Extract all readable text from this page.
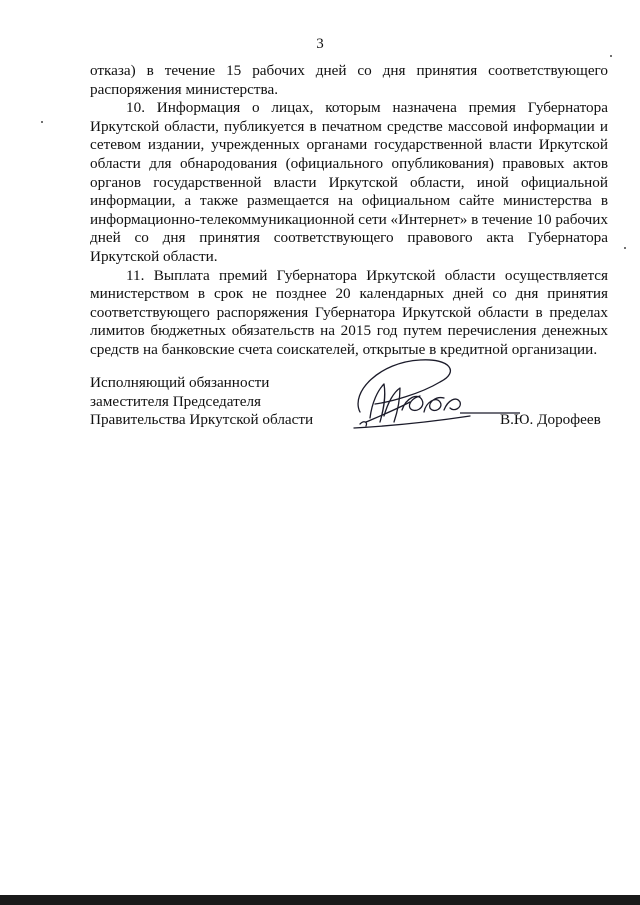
3

отказа) в течение 15 рабочих дней со дня принятия соответствующего распоряжения министерства.

10. Информация о лицах, которым назначена премия Губернатора Иркутской области, публикуется в печатном средстве массовой информации и сетевом издании, учрежденных органами государственной власти Иркутской области для обнародования (официального опубликования) правовых актов органов государственной власти Иркутской области, иной официальной информации, а также размещается на официальном сайте министерства в информационно-телекоммуникационной сети «Интернет» в течение 10 рабочих дней со дня принятия соответствующего правового акта Губернатора Иркутской области.

11. Выплата премий Губернатора Иркутской области осуществляется министерством в срок не позднее 20 календарных дней со дня принятия соответствующего распоряжения Губернатора Иркутской области в пределах лимитов бюджетных обязательств на 2015 год путем перечисления денежных средств на банковские счета соискателей, открытые в кредитной организации.

Исполняющий обязанности
заместителя Председателя
Правительства Иркутской области	В.Ю. Дорофеев
